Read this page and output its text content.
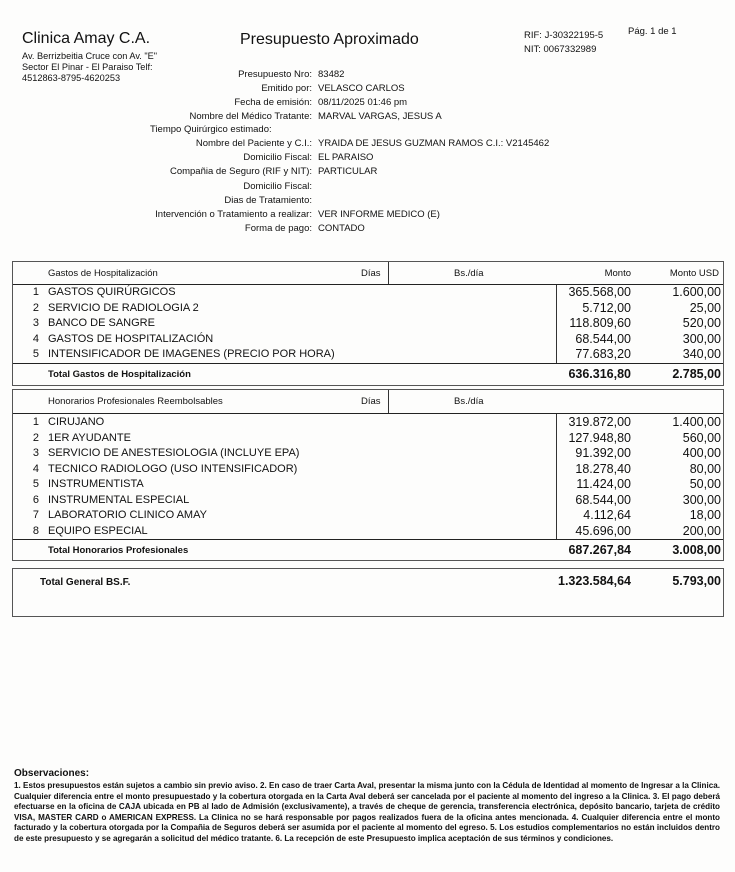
Clinica Amay C.A.
Av. Berrizbeitia Cruce con Av. "E" Sector El Pinar - El Paraiso Telf: 4512863-8795-4620253
Presupuesto Aproximado	RIF: J-30322195-5
NIT: 0067332989
Pág. 1 de 1
Presupuesto Nro: 83482
Emitido por: VELASCO CARLOS
Fecha de emisión: 08/11/2025 01:46 pm
Nombre del Médico Tratante: MARVAL VARGAS, JESUS A
Tiempo Quirúrgico estimado:
Nombre del Paciente y C.I.: YRAIDA DE JESUS GUZMAN RAMOS C.I.: V2145462
Domicilio Fiscal: EL PARAISO
Compañia de Seguro (RIF y NIT): PARTICULAR
Domicilio Fiscal:
Dias de Tratamiento:
Intervención o Tratamiento a realizar: VER INFORME MEDICO (E)
Forma de pago: CONTADO
Gastos de Hospitalización	Días	Bs./día	Monto	Monto USD
1 GASTOS QUIRÚRGICOS	365.568,00	1.600,00
2 SERVICIO DE RADIOLOGIA 2	5.712,00	25,00
3 BANCO DE SANGRE	118.809,60	520,00
4 GASTOS DE HOSPITALIZACIÓN	68.544,00	300,00
5 INTENSIFICADOR DE IMAGENES (PRECIO POR HORA)	77.683,20	340,00
Total Gastos de Hospitalización	636.316,80	2.785,00
Honorarios Profesionales Reembolsables	Días	Bs./día
1 CIRUJANO	319.872,00	1.400,00
2 1ER AYUDANTE	127.948,80	560,00
3 SERVICIO DE ANESTESIOLOGIA (INCLUYE EPA)	91.392,00	400,00
4 TECNICO RADIOLOGO (USO INTENSIFICADOR)	18.278,40	80,00
5 INSTRUMENTISTA	11.424,00	50,00
6 INSTRUMENTAL ESPECIAL	68.544,00	300,00
7 LABORATORIO CLINICO AMAY	4.112,64	18,00
8 EQUIPO ESPECIAL	45.696,00	200,00
Total Honorarios Profesionales	687.267,84	3.008,00
Total General BS.F.	1.323.584,64	5.793,00
Observaciones:
1. Estos presupuestos están sujetos a cambio sin previo aviso. 2. En caso de traer Carta Aval, presentar la misma junto con la Cédula de Identidad al momento de Ingresar a la Clinica. Cualquier diferencia entre el monto presupuestado y la cobertura otorgada en la Carta Aval deberá ser cancelada por el paciente al momento del ingreso a la Clinica. 3. El pago deberá efectuarse en la oficina de CAJA ubicada en PB al lado de Admisión (exclusivamente), a través de cheque de gerencia, transferencia electrónica, depósito bancario, tarjeta de crédito VISA, MASTER CARD o AMERICAN EXPRESS. La Clinica no se hará responsable por pagos realizados fuera de la oficina antes mencionada. 4. Cualquier diferencia entre el monto facturado y la cobertura otorgada por la Compañia de Seguros deberá ser asumida por el paciente al momento del egreso. 5. Los estudios complementarios no están incluidos dentro de este presupuesto y se agregarán a solicitud del médico tratante. 6. La recepción de este Presupuesto implica aceptación de sus términos y condiciones.
